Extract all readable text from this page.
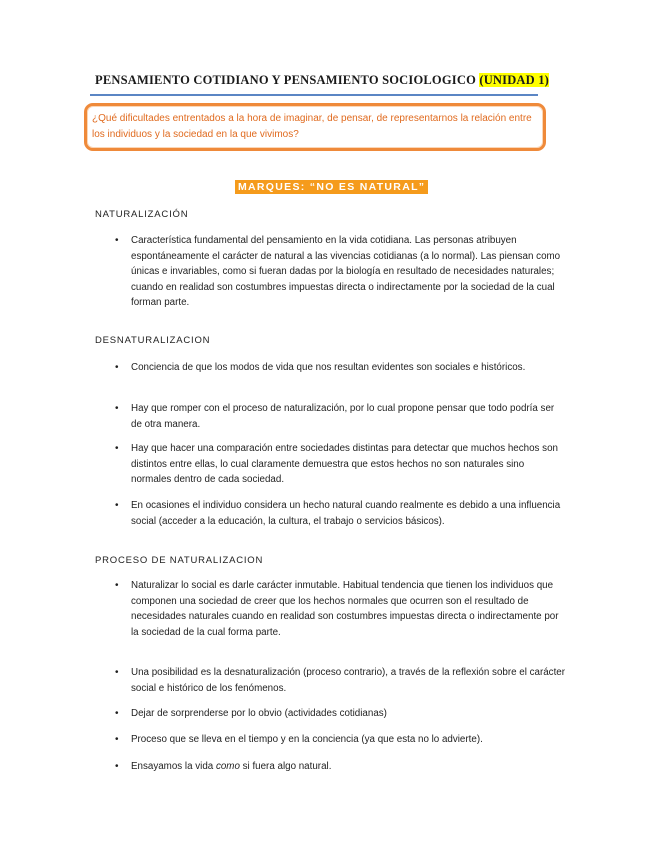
PENSAMIENTO COTIDIANO Y PENSAMIENTO SOCIOLOGICO (UNIDAD 1)

¿Qué dificultades entrentados a la hora de imaginar, de pensar, de representarnos la relación entre los individuos y la sociedad en la que vivimos?

MARQUES: “NO ES NATURAL”
NATURALIZACIÓN
• Característica fundamental del pensamiento en la vida cotidiana. Las personas atribuyen espontáneamente el carácter de natural a las vivencias cotidianas (a lo normal). Las piensan como únicas e invariables, como si fueran dadas por la biología en resultado de necesidades naturales; cuando en realidad son costumbres impuestas directa o indirectamente por la sociedad de la cual forman parte.
DESNATURALIZACION
• Conciencia de que los modos de vida que nos resultan evidentes son sociales e históricos.
• Hay que romper con el proceso de naturalización, por lo cual propone pensar que todo podría ser de otra manera.
• Hay que hacer una comparación entre sociedades distintas para detectar que muchos hechos son distintos entre ellas, lo cual claramente demuestra que estos hechos no son naturales sino normales dentro de cada sociedad.
• En ocasiones el individuo considera un hecho natural cuando realmente es debido a una influencia social (acceder a la educación, la cultura, el trabajo o servicios básicos).
PROCESO DE NATURALIZACION
• Naturalizar lo social es darle carácter inmutable. Habitual tendencia que tienen los individuos que componen una sociedad de creer que los hechos normales que ocurren son el resultado de necesidades naturales cuando en realidad son costumbres impuestas directa o indirectamente por la sociedad de la cual forma parte.
• Una posibilidad es la desnaturalización (proceso contrario), a través de la reflexión sobre el carácter social e histórico de los fenómenos.
• Dejar de sorprenderse por lo obvio (actividades cotidianas)
• Proceso que se lleva en el tiempo y en la conciencia (ya que esta no lo advierte).
• Ensayamos la vida como si fuera algo natural.
